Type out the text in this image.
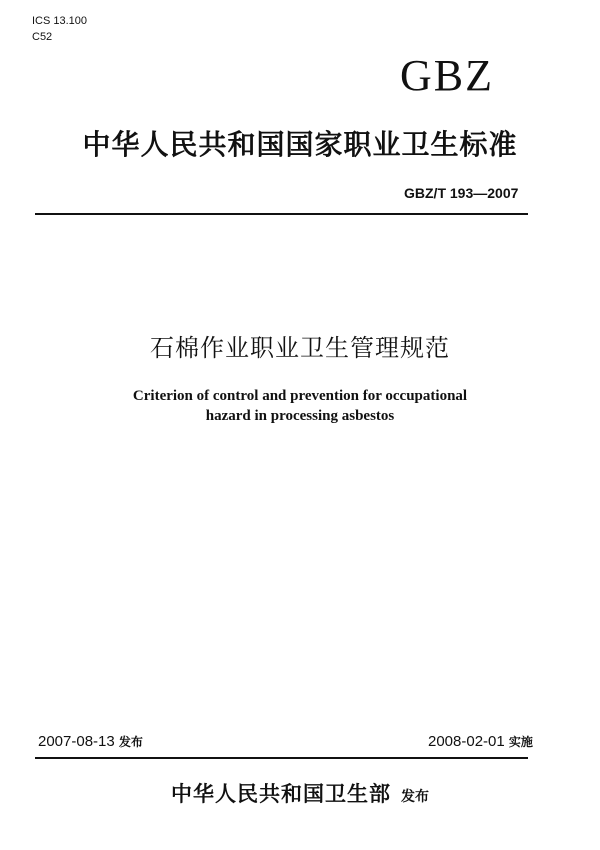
ICS 13.100
C52
GBZ
中华人民共和国国家职业卫生标准
GBZ/T 193—2007
石棉作业职业卫生管理规范
Criterion of control and prevention for occupational
hazard in processing asbestos
2007-08-13 发布	2008-02-01 实施
中华人民共和国卫生部 发布
